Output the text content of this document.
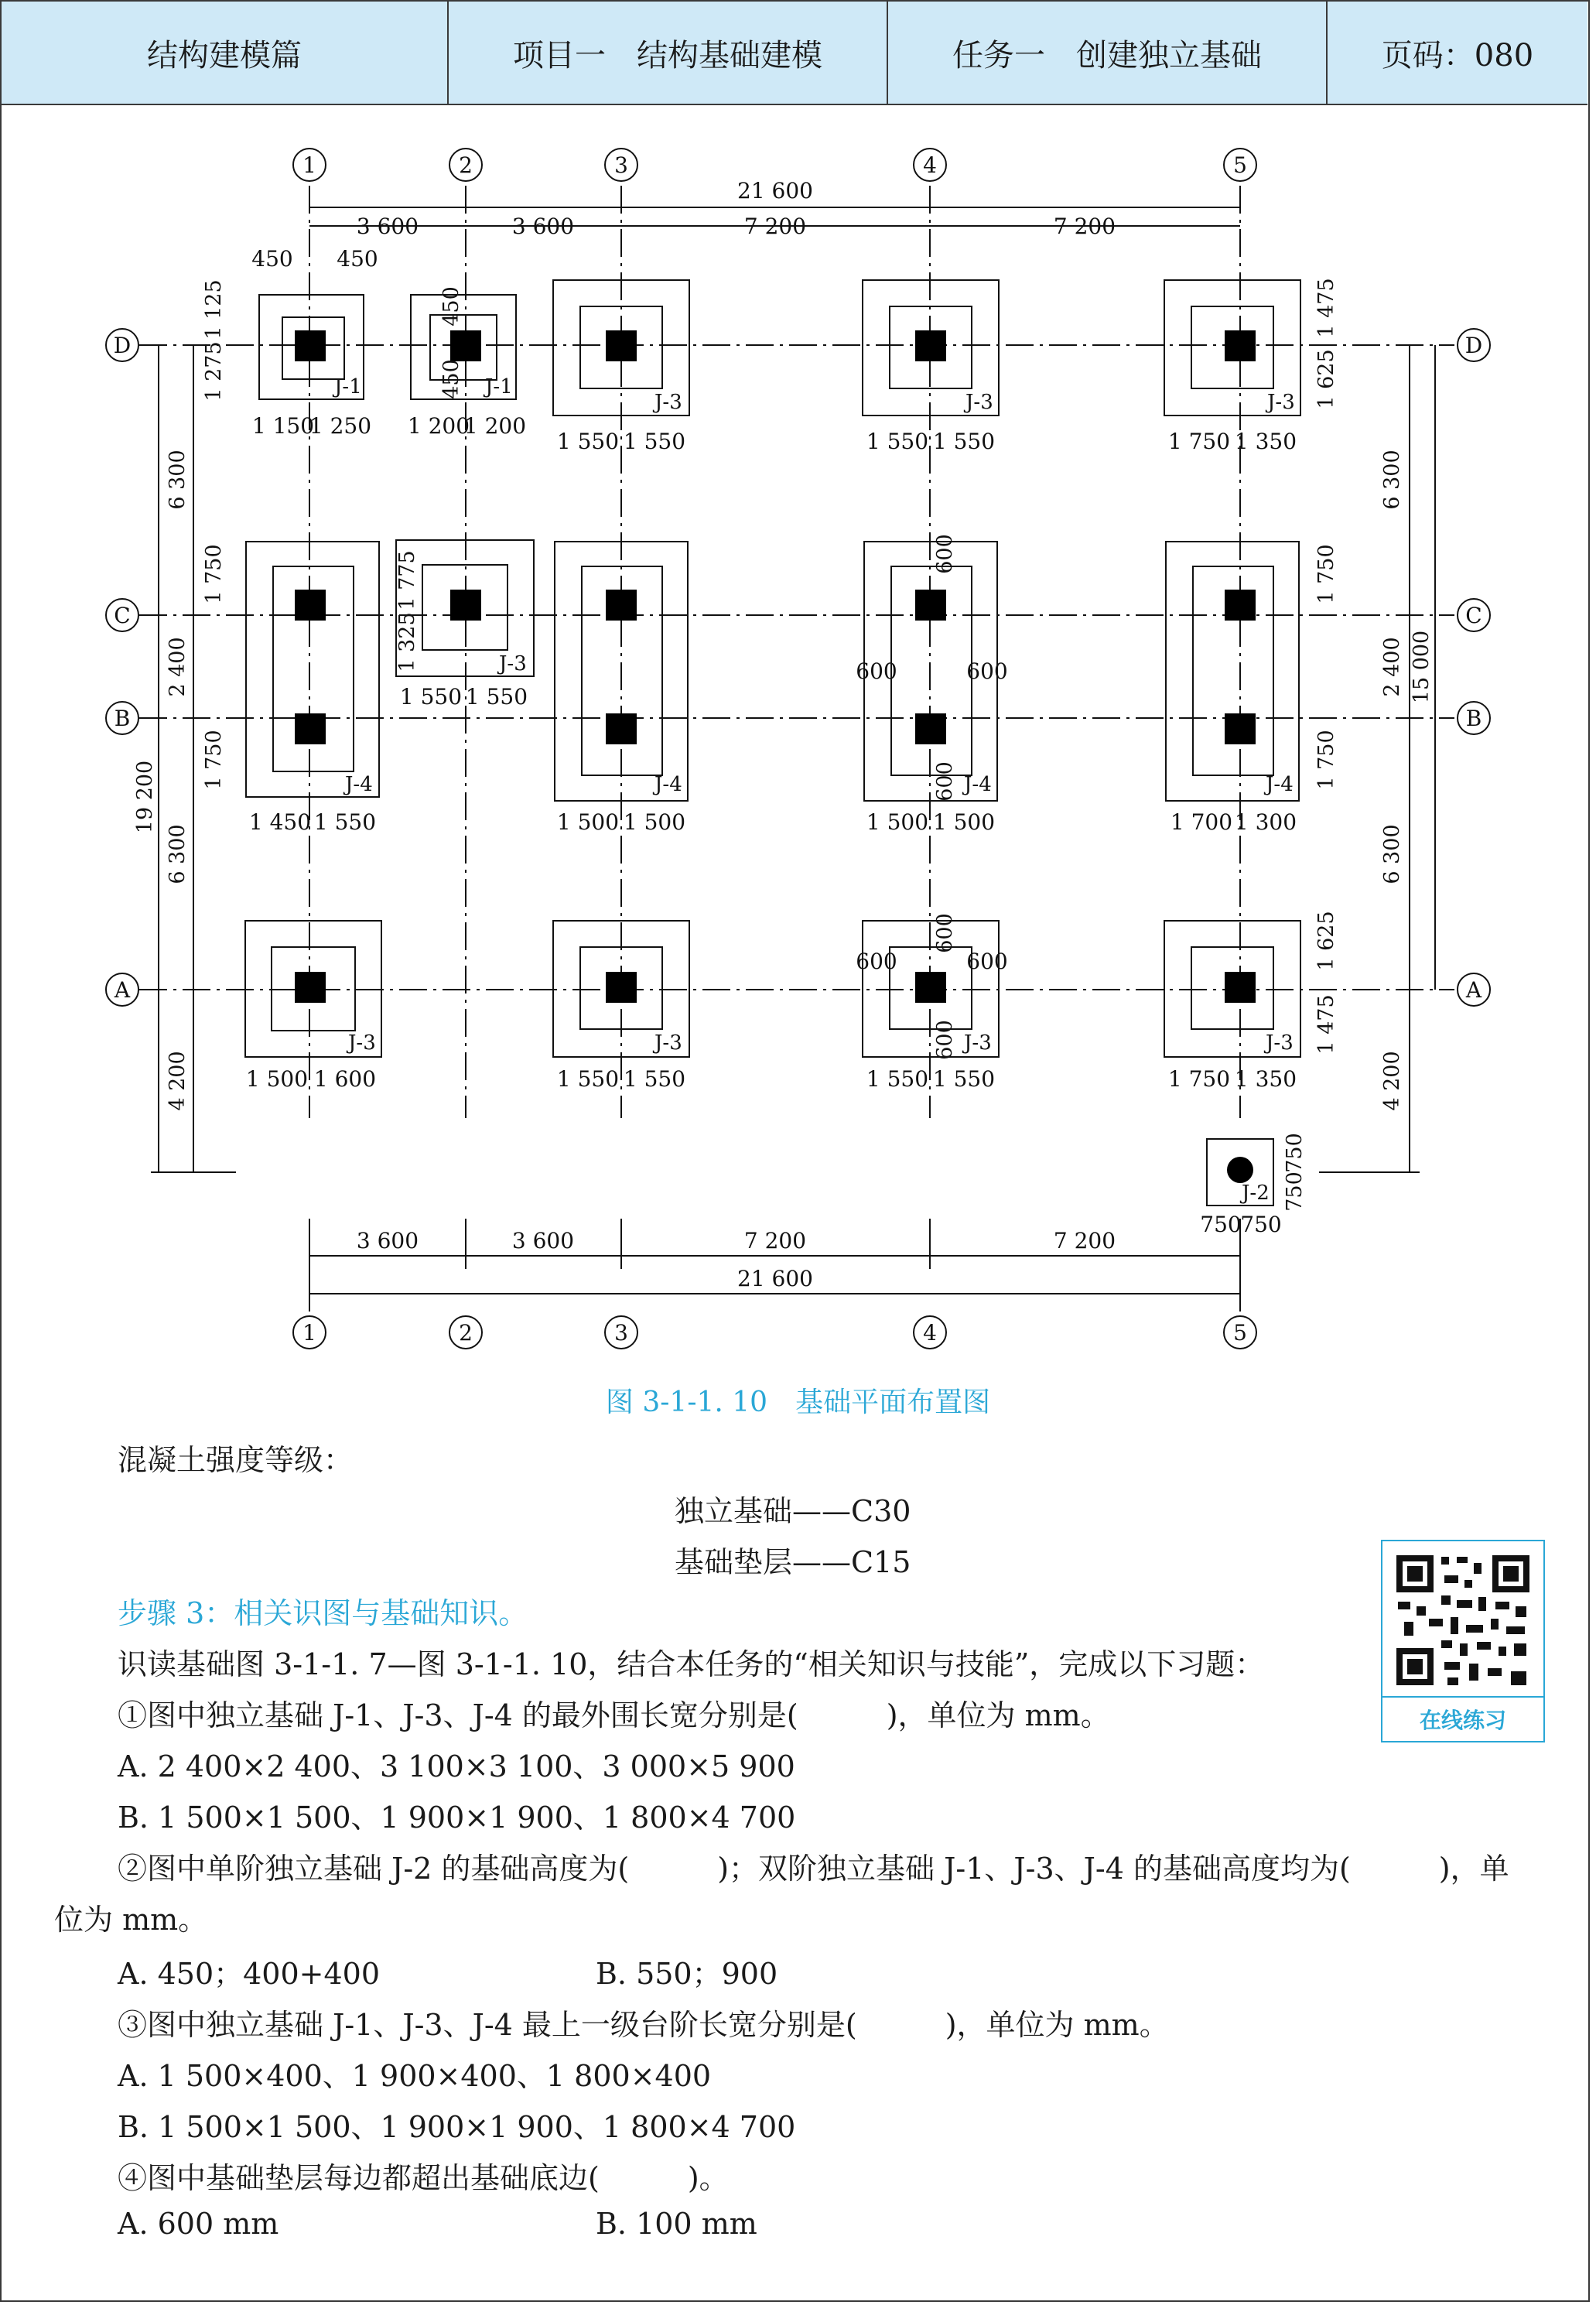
结构建模篇	项目一　结构基础建模	任务一　创建独立基础	页码：080
1	2	3	4	5
1	2	3	4	5
D
C
B
A
D
C
B
A
21 600
3 600	3 600	7 200	7 200
3 600	3 600	7 200	7 200
21 600
450 450
1 150
1 250 1 200
1 200
1 550 1 550	1 550 1 550	1 750 1 350
1 450 1 550
1 550 1 550
1 500 1 500	1 500 1 500	1 700 1 300
600	600
1 500 1 600	1 550 1 550	1 550 1 550	1 750 1 350
600	600
750
750
J-1	J-1
J-3	J-3	J-3
J-3
J-4	J-4	J-4	J-4
J-3	J-3	J-3	J-3
J-2
6 300
2 400
6 300
4 200
19 200
6 300
2 400
6 300
4 200
15 000
1 125
1 275
450
450
1 475
1 625
1 750
1 750
1 775
1 325
1 750
1 750
600
600
600
600
1 625
1 475
750
750
图 3-1-1. 10　基础平面布置图
混凝土强度等级：
独立基础——C30
基础垫层——C15
步骤 3：相关识图与基础知识。
识读基础图 3-1-1. 7—图 3-1-1. 10，结合本任务的“相关知识与技能”，完成以下习题：
①图中独立基础 J-1、J-3、J-4 的最外围长宽分别是(　　　)，单位为 mm。
A. 2 400×2 400、3 100×3 100、3 000×5 900
B. 1 500×1 500、1 900×1 900、1 800×4 700
②图中单阶独立基础 J-2 的基础高度为(　　　)；双阶独立基础 J-1、J-3、J-4 的基础高度均为(　　　)，单
位为 mm。
A. 450；400+400	B. 550；900
③图中独立基础 J-1、J-3、J-4 最上一级台阶长宽分别是(　　　)，单位为 mm。
A. 1 500×400、1 900×400、1 800×400
B. 1 500×1 500、1 900×1 900、1 800×4 700
④图中基础垫层每边都超出基础底边(　　　)。
A. 600 mm	B. 100 mm
在线练习
